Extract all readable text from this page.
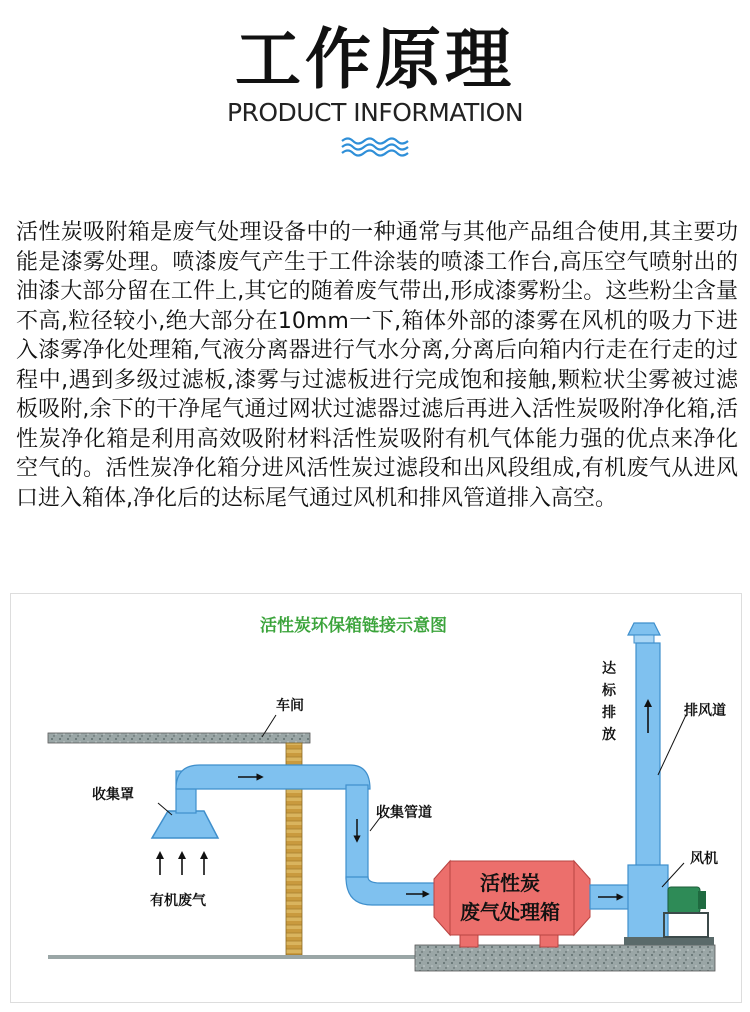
工作原理
PRODUCT INFORMATION

活性炭吸附箱是废气处理设备中的一种通常与其他产品组合使用,其主要功能是漆雾处理。喷漆废气产生于工件涂装的喷漆工作台,高压空气喷射出的油漆大部分留在工件上,其它的随着废气带出,形成漆雾粉尘。这些粉尘含量不高,粒径较小,绝大部分在10mm一下,箱体外部的漆雾在风机的吸力下进入漆雾净化处理箱,气液分离器进行气水分离,分离后向箱内行走在行走的过程中,遇到多级过滤板,漆雾与过滤板进行完成饱和接触,颗粒状尘雾被过滤板吸附,余下的干净尾气通过网状过滤器过滤后再进入活性炭吸附净化箱,活性炭净化箱是利用高效吸附材料活性炭吸附有机气体能力强的优点来净化空气的。活性炭净化箱分进风活性炭过滤段和出风段组成,有机废气从进风口进入箱体,净化后的达标尾气通过风机和排风管道排入高空。

活性炭环保箱链接示意图
活性炭
废气处理箱
车间
收集罩
有机废气
收集管道
达
标
排
放
排风道
风机
